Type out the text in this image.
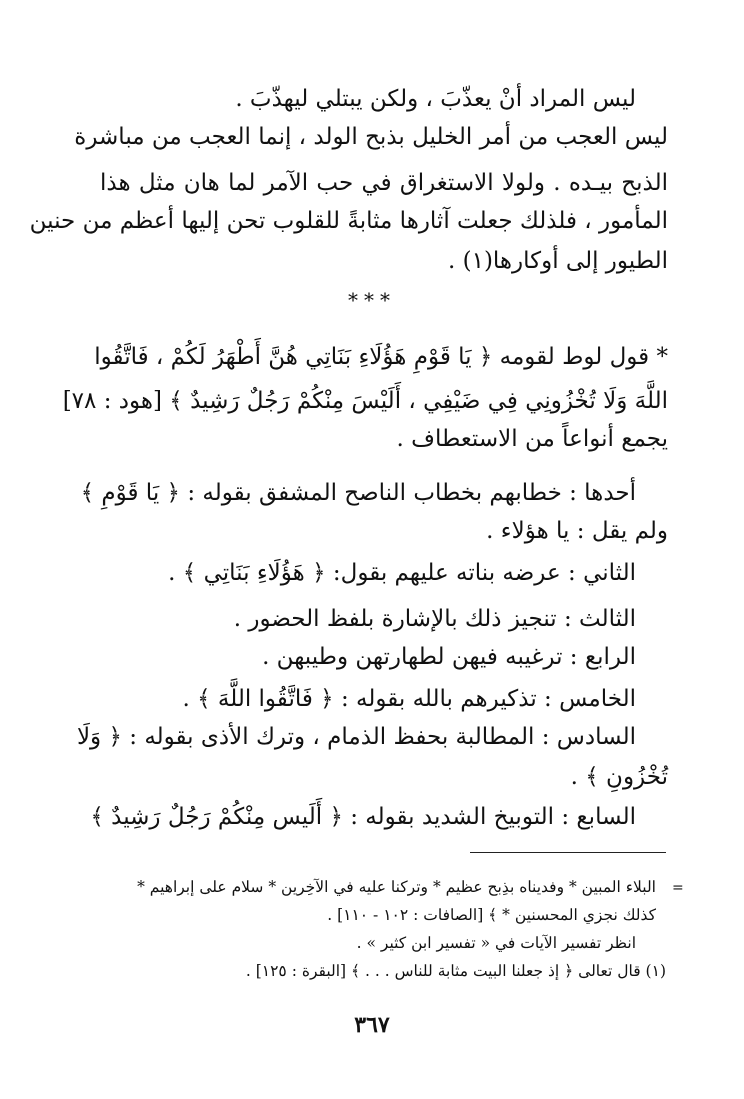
ليس المراد أنْ يعذّبَ ، ولكن يبتلي ليهذّبَ .
ليس العجب من أمر الخليل بذبح الولد ، إنما العجب من مباشرة
الذبح بيـده . ولولا الاستغراق في حب الآمر لما هان مثل هذا
المأمور ، فلذلك جعلت آثارها مثابةً للقلوب تحن إليها أعظم من حنين
الطيور إلى أوكارها(١) .
***
* قول لوط لقومه ﴿ يَا قَوْمِ هَؤُلَاءِ بَنَاتِي هُنَّ أَطْهَرُ لَكُمْ ، فَاتَّقُوا
اللَّهَ وَلَا تُخْزُونِي فِي ضَيْفِي ، أَلَيْسَ مِنْكُمْ رَجُلٌ رَشِيدٌ ﴾ [هود : ٧٨]
يجمع أنواعاً من الاستعطاف .
أحدها : خطابهم بخطاب الناصح المشفق بقوله : ﴿ يَا قَوْمِ ﴾
ولم يقل : يا هؤلاء .
الثاني : عرضه بناته عليهم بقول: ﴿ هَؤُلَاءِ بَنَاتِي ﴾ .
الثالث : تنجيز ذلك بالإشارة بلفظ الحضور .
الرابع : ترغيبه فيهن لطهارتهن وطيبهن .
الخامس : تذكيرهم بالله بقوله : ﴿ فَاتَّقُوا اللَّهَ ﴾ .
السادس : المطالبة بحفظ الذمام ، وترك الأذى بقوله : ﴿ وَلَا
تُخْزُونِ ﴾ .
السابع : التوبيخ الشديد بقوله : ﴿ أَلَيس مِنْكُمْ رَجُلٌ رَشِيدٌ ﴾
=
البلاء المبين * وفديناه بذِبح عظيم * وتركنا عليه في الآخِرين * سلام على إبراهيم *
كذلك نجزي المحسنين * ﴾ [الصافات : ١٠٢ - ١١٠] .
انظر تفسير الآيات في « تفسير ابن كثير » .
(١) قال تعالى ﴿ إذ جعلنا البيت مثابة للناس . . . ﴾ [البقرة : ١٢٥] .
٣٦٧
